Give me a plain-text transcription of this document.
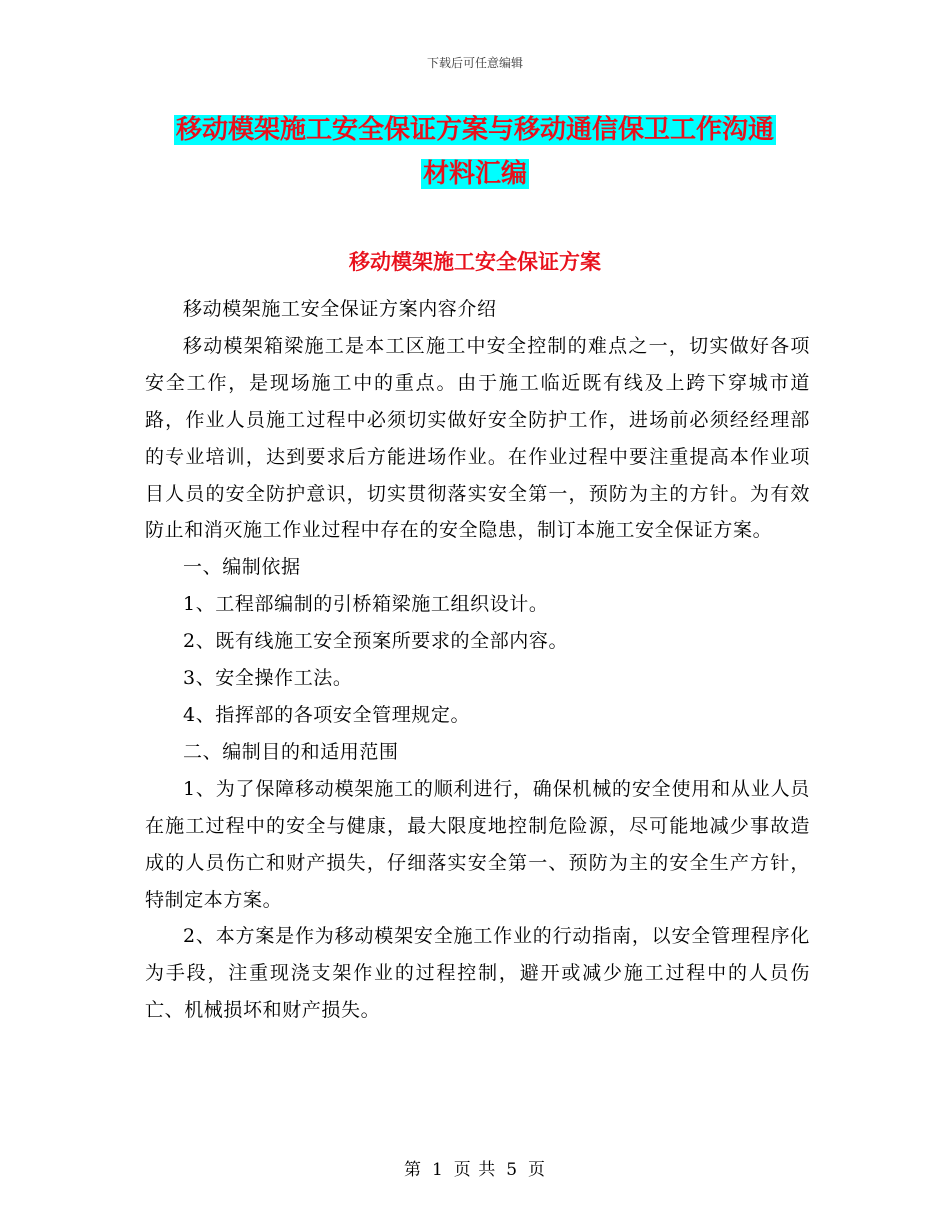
下载后可任意编辑
移动模架施工安全保证方案与移动通信保卫工作沟通
材料汇编
移动模架施工安全保证方案

移动模架施工安全保证方案内容介绍

移动模架箱梁施工是本工区施工中安全控制的难点之一，切实做好各项安全工作，是现场施工中的重点。由于施工临近既有线及上跨下穿城市道路，作业人员施工过程中必须切实做好安全防护工作，进场前必须经经理部的专业培训，达到要求后方能进场作业。在作业过程中要注重提高本作业项目人员的安全防护意识，切实贯彻落实安全第一，预防为主的方针。为有效防止和消灭施工作业过程中存在的安全隐患，制订本施工安全保证方案。

一、编制依据

1、工程部编制的引桥箱梁施工组织设计。

2、既有线施工安全预案所要求的全部内容。

3、安全操作工法。

4、指挥部的各项安全管理规定。

二、编制目的和适用范围

1、为了保障移动模架施工的顺利进行，确保机械的安全使用和从业人员在施工过程中的安全与健康，最大限度地控制危险源，尽可能地减少事故造成的人员伤亡和财产损失，仔细落实安全第一、预防为主的安全生产方针，特制定本方案。

2、本方案是作为移动模架安全施工作业的行动指南，以安全管理程序化为手段，注重现浇支架作业的过程控制，避开或减少施工过程中的人员伤亡、机械损坏和财产损失。

第 1 页 共 5 页
